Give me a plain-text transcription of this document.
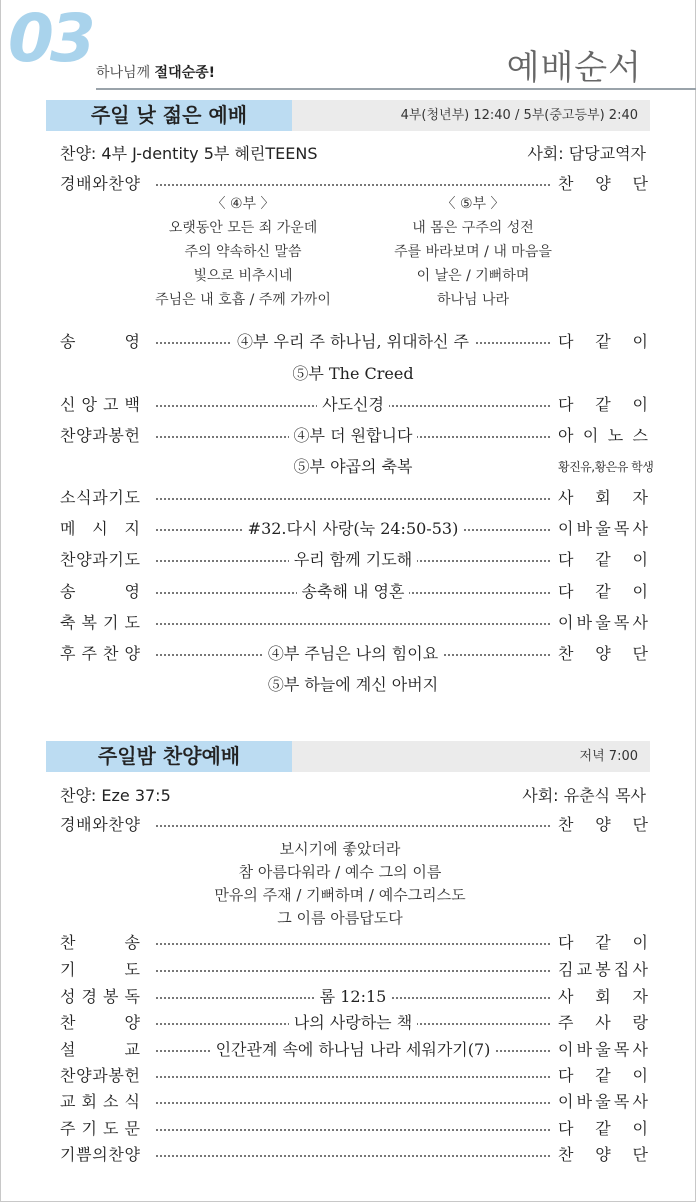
03 하나님께 절대순종!	예배순서
주일 낮 젊은 예배	4부(청년부) 12:40 / 5부(중고등부) 2:40
찬양: 4부 J-dentity 5부 혜린TEENS	사회: 담당교역자
경 배 와 찬 양	찬 양 단
〈 ④부 〉
오랫동안 모든 죄 가운데
주의 약속하신 말씀
빛으로 비추시네
주님은 내 호흡 / 주께 가까이
〈 ⑤부 〉
내 몸은 구주의 성전
주를 바라보며 / 내 마음을
이 날은 / 기뻐하며
하나님 나라
송	영	④부 우리 주 하나님, 위대하신 주	다 같 이
⑤부 The Creed
신 앙 고 백	사도신경	다 같 이
찬 양 과 봉 헌	④부 더 원합니다	아 이 노 스
⑤부 야곱의 축복	황진유,황은유 학생
소 식 과 기 도	사 회 자
메 시 지	#32.다시 사랑(눅 24:50-53)	이 바 울 목 사
찬 양 과 기 도	우리 함께 기도해	다 같 이
송	영	송축해 내 영혼	다 같 이
축 복 기 도	이 바 울 목 사
후 주 찬 양	④부 주님은 나의 힘이요	찬 양 단
⑤부 하늘에 계신 아버지
주일밤 찬양예배	저녁 7:00
찬양: Eze 37:5	사회: 유춘식 목사
경 배 와 찬 양	찬 양 단
보시기에 좋았더라
참 아름다워라 / 예수 그의 이름
만유의 주재 / 기뻐하며 / 예수그리스도
그 이름 아름답도다
찬	송	다 같 이
기	도	김 교 봉 집 사
성 경 봉 독	롬 12:15	사 회 자
찬	양	나의 사랑하는 책	주 사 랑
설	교	인간관계 속에 하나님 나라 세워가기(7)	이 바 울 목 사
찬 양 과 봉 헌	다 같 이
교 회 소 식	이 바 울 목 사
주 기 도 문	다 같 이
기 쁨 의 찬 양	찬 양 단
